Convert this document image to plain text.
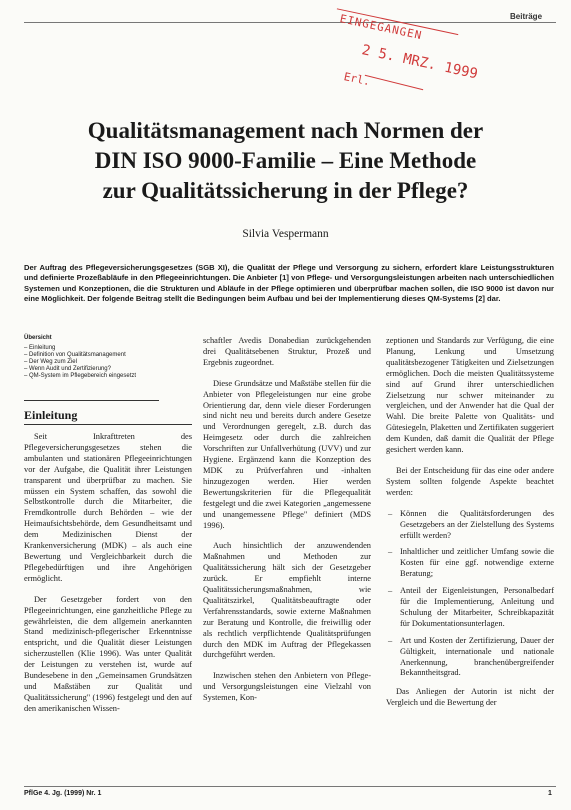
Beiträge
EINGEGANGEN
2 5. MRZ. 1999
Erl.
Qualitätsmanagement nach Normen der
DIN ISO 9000-Familie – Eine Methode
zur Qualitätssicherung in der Pflege?
Silvia Vespermann

Der Auftrag des Pflegeversicherungsgesetzes (SGB XI), die Qualität der Pflege und Versorgung zu sichern, erfordert klare Leistungsstrukturen und definierte Prozeßabläufe in den Pflegeeinrichtungen. Die Anbieter [1] von Pflege- und Versorgungsleistungen arbeiten nach unterschiedlichen Systemen und Konzeptionen, die die Strukturen und Abläufe in der Pflege optimieren und überprüfbar machen sollen, die ISO 9000 ist davon nur eine Möglichkeit. Der folgende Beitrag stellt die Bedingungen beim Aufbau und bei der Implementierung dieses QM-Systems [2] dar.

Übersicht
– Einleitung
– Definition von Qualitätsmanagement
– Der Weg zum Ziel
– Wenn Audit und Zertifizierung?
– QM-System im Pflegebereich eingesetzt
Einleitung

Seit Inkrafttreten des Pflegeversicherungsgesetzes stehen die ambulanten und stationären Pflegeeinrichtungen vor der Aufgabe, die Qualität ihrer Leistungen transparent und überprüfbar zu machen. Sie müssen ein System schaffen, das sowohl die Selbstkontrolle durch die Mitarbeiter, die Fremdkontrolle durch Behörden – wie der Heimaufsichtsbehörde, dem Gesundheitsamt und dem Medizinischen Dienst der Krankenversicherung (MDK) – als auch eine Bewertung und Vergleichbarkeit durch die Pflegebedürftigen und ihre Angehörigen ermöglicht.

Der Gesetzgeber fordert von den Pflegeeinrichtungen, eine ganzheitliche Pflege zu gewährleisten, die dem allgemein anerkannten Stand medizinisch-pflegerischer Erkenntnisse entspricht, und die Qualität dieser Leistungen sicherzustellen (Klie 1996). Was unter Qualität der Leistungen zu verstehen ist, wurde auf Bundesebene in den „Gemeinsamen Grundsätzen und Maßstäben zur Qualität und Qualitätssicherung" (1996) festgelegt und den auf den amerikanischen Wissen-

schaftler Avedis Donabedian zurückgehenden drei Qualitätsebenen Struktur, Prozeß und Ergebnis zugeordnet.

Diese Grundsätze und Maßstäbe stellen für die Anbieter von Pflegeleistungen nur eine grobe Orientierung dar, denn viele dieser Forderungen sind nicht neu und bereits durch andere Gesetze und Verordnungen geregelt, z.B. durch das Heimgesetz oder durch die zahlreichen Vorschriften zur Unfallverhütung (UVV) und zur Hygiene. Ergänzend kann die Konzeption des MDK zu Prüfverfahren und -inhalten hinzugezogen werden. Hier werden Bewertungskriterien für die Pflegequalität festgelegt und die zwei Kategorien „angemessene und unangemessene Pflege" definiert (MDS 1996).

Auch hinsichtlich der anzuwendenden Maßnahmen und Methoden zur Qualitätssicherung hält sich der Gesetzgeber zurück. Er empfiehlt interne Qualitätssicherungsmaßnahmen, wie Qualitätszirkel, Qualitätsbeauftragte oder Verfahrensstandards, sowie externe Maßnahmen zur Beratung und Kontrolle, die freiwillig oder als rechtlich verpflichtende Qualitätsprüfungen durch den MDK im Auftrag der Pflegekassen durchgeführt werden.

Inzwischen stehen den Anbietern von Pflege- und Versorgungsleistungen eine Vielzahl von Systemen, Kon-

zeptionen und Standards zur Verfügung, die eine Planung, Lenkung und Umsetzung qualitätsbezogener Tätigkeiten und Zielsetzungen ermöglichen. Doch die meisten Qualitätssysteme sind auf Grund ihrer unterschiedlichen Zielsetzung nur schwer miteinander zu vergleichen, und der Anwender hat die Qual der Wahl. Die breite Palette von Qualitäts- und Gütesiegeln, Plaketten und Zertifikaten suggeriert dem Kunden, daß damit die Qualität der Pflege gesichert werden kann.

Bei der Entscheidung für das eine oder andere System sollten folgende Aspekte beachtet werden:

– Können die Qualitätsforderungen des Gesetzgebers an der Zielstellung des Systems erfüllt werden?
– Inhaltlicher und zeitlicher Umfang sowie die Kosten für eine ggf. notwendige externe Beratung;
– Anteil der Eigenleistungen, Personalbedarf für die Implementierung, Anleitung und Schulung der Mitarbeiter, Schreibkapazität für Dokumentationsunterlagen.
– Art und Kosten der Zertifizierung, Dauer der Gültigkeit, internationale und nationale Anerkennung, branchenübergreifender Bekanntheitsgrad.

Das Anliegen der Autorin ist nicht der Vergleich und die Bewertung der

PflGe 4. Jg. (1999) Nr. 1	1
